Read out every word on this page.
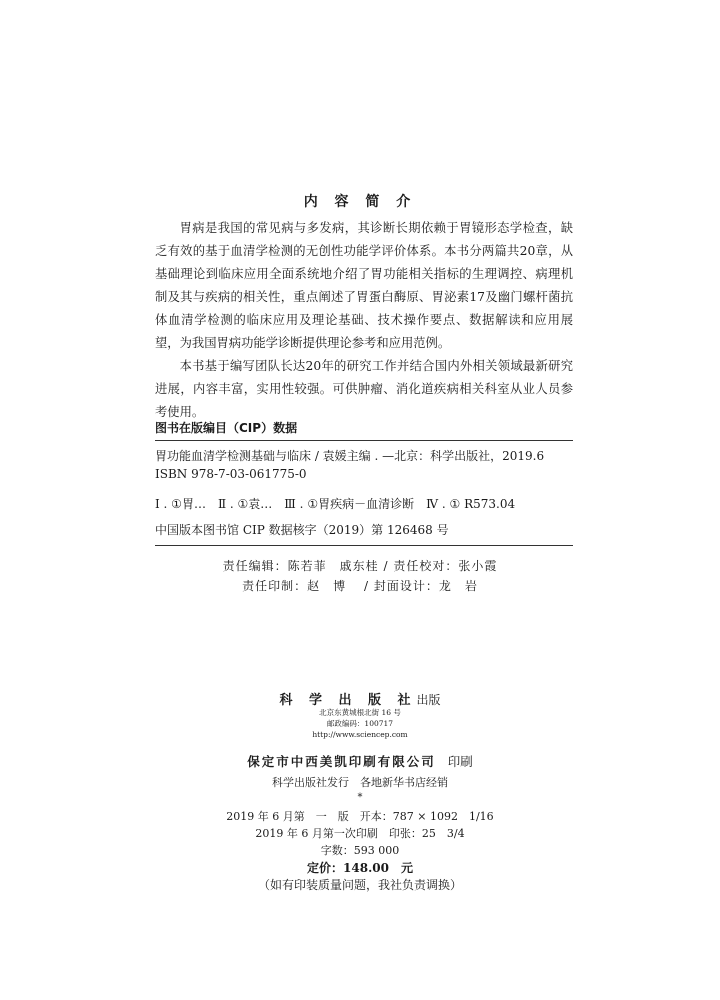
内 容 简 介

胃病是我国的常见病与多发病，其诊断长期依赖于胃镜形态学检查，缺乏有效的基于血清学检测的无创性功能学评价体系。本书分两篇共20章，从基础理论到临床应用全面系统地介绍了胃功能相关指标的生理调控、病理机制及其与疾病的相关性，重点阐述了胃蛋白酶原、胃泌素17及幽门螺杆菌抗体血清学检测的临床应用及理论基础、技术操作要点、数据解读和应用展望，为我国胃病功能学诊断提供理论参考和应用范例。

本书基于编写团队长达20年的研究工作并结合国内外相关领域最新研究进展，内容丰富，实用性较强。可供肿瘤、消化道疾病相关科室从业人员参考使用。

图书在版编目（CIP）数据
胃功能血清学检测基础与临床 / 袁媛主编 . —北京：科学出版社，2019.6
ISBN 978-7-03-061775-0
Ⅰ . ①胃…　Ⅱ . ①袁…　Ⅲ . ①胃疾病－血清诊断　Ⅳ . ① R573.04
中国版本图书馆 CIP 数据核字（2019）第 126468 号
责任编辑：陈若菲　戚东桂 / 责任校对：张小霞
责任印制：赵　博　 / 封面设计：龙　岩
科 学 出 版 社出版
北京东黄城根北街 16 号
邮政编码：100717
http://www.sciencep.com
保定市中西美凯印刷有限公司 印刷
科学出版社发行　各地新华书店经销
*
2019 年 6 月第　一　版　开本：787 × 1092　1/16
2019 年 6 月第一次印刷　印张：25　3/4
字数：593 000
定价：148.00　元
（如有印装质量问题，我社负责调换）
